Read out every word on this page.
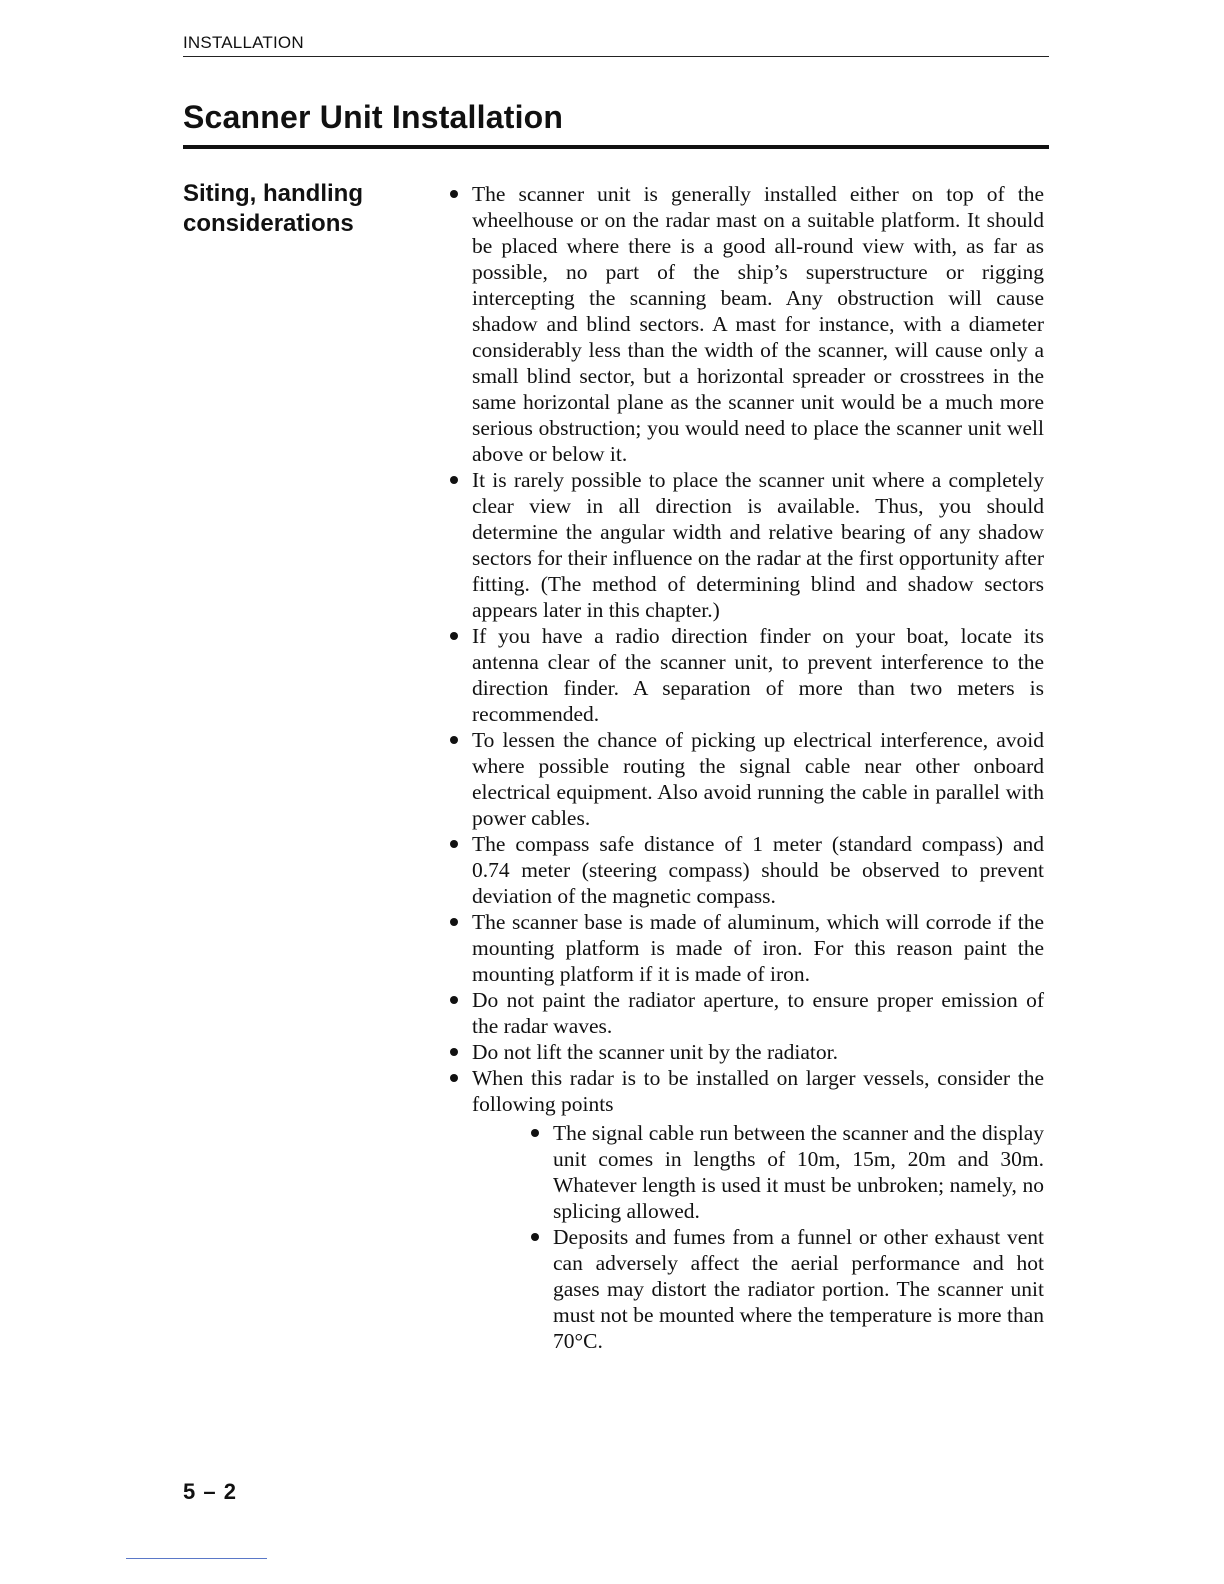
INSTALLATION
Scanner Unit Installation
Siting, handling considerations
The scanner unit is generally installed either on top of the wheelhouse or on the radar mast on a suitable platform. It should be placed where there is a good all-round view with, as far as possible, no part of the ship’s superstructure or rigging intercepting the scanning beam. Any obstruction will cause shadow and blind sectors. A mast for instance, with a diameter considerably less than the width of the scanner, will cause only a small blind sector, but a horizontal spreader or crosstrees in the same horizontal plane as the scanner unit would be a much more serious obstruction; you would need to place the scanner unit well above or below it.
It is rarely possible to place the scanner unit where a completely clear view in all direction is available. Thus, you should determine the angular width and relative bearing of any shadow sectors for their influence on the radar at the first opportunity after fitting. (The method of determining blind and shadow sectors appears later in this chapter.)
If you have a radio direction finder on your boat, locate its antenna clear of the scanner unit, to prevent interference to the direction finder. A separation of more than two meters is recommended.
To lessen the chance of picking up electrical interference, avoid where possible routing the signal cable near other onboard electrical equipment. Also avoid running the cable in parallel with power cables.
The compass safe distance of 1 meter (standard compass) and 0.74 meter (steering compass) should be observed to prevent deviation of the magnetic compass.
The scanner base is made of aluminum, which will corrode if the mounting platform is made of iron. For this reason paint the mounting platform if it is made of iron.
Do not paint the radiator aperture, to ensure proper emission of the radar waves.
Do not lift the scanner unit by the radiator.
When this radar is to be installed on larger vessels, consider the following points
The signal cable run between the scanner and the display unit comes in lengths of 10m, 15m, 20m and 30m. Whatever length is used it must be unbroken; namely, no splicing allowed.
Deposits and fumes from a funnel or other exhaust vent can adversely affect the aerial performance and hot gases may distort the radiator portion. The scanner unit must not be mounted where the temperature is more than 70°C.
5 – 2
